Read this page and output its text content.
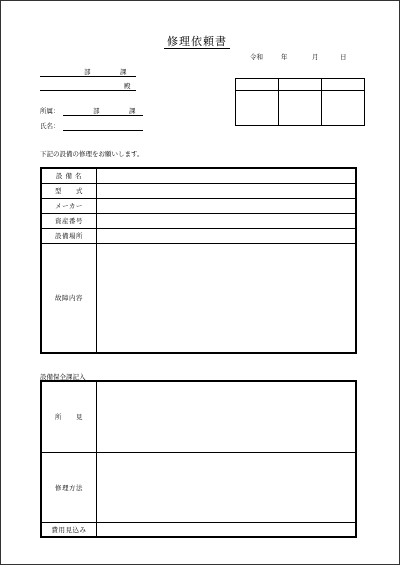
修理依頼書
令和	年	月	日
部	課
殿

所属：	部	課
氏名：
下記の設備の修理をお願いします。
設 備 名	
型　　式	
メーカー	
資産番号	
設備場所	
故障内容	
設備保全課記入
所　　見	
修理方法	
費用見込み	
